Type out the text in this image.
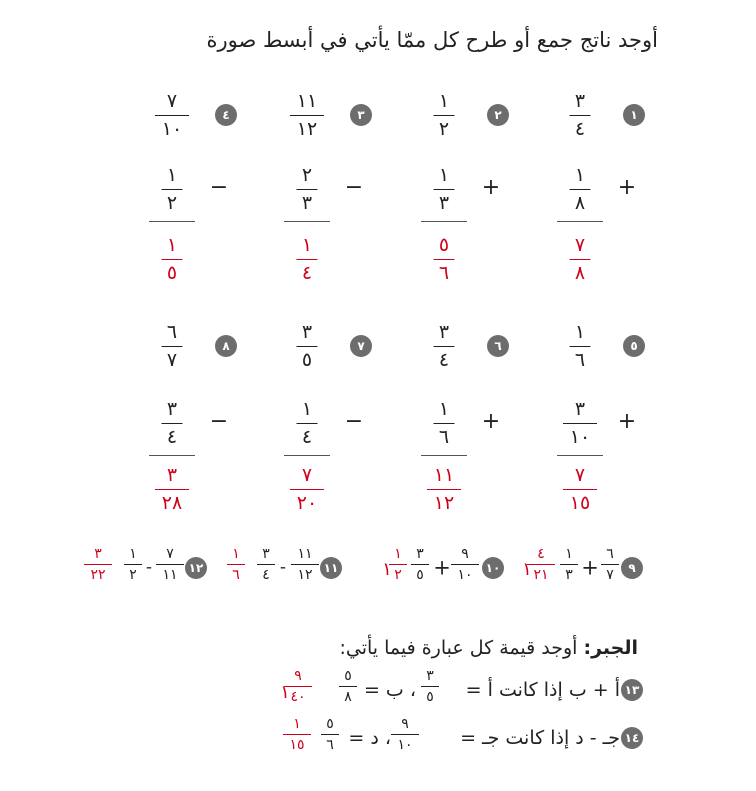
أوجد ناتج جمع أو طرح كل ممّا يأتي في أبسط صورة
١
٣
٤
+
١
٨
٧
٨
٢
١
٢
+
١
٣
٥
٦
٣
١١
١٢
−
٢
٣
١
٤
٤
٧
١٠
−
١
٢
١
٥
٥
١
٦
+
٣
١٠
٧
١٥
٦
٣
٤
+
١
٦
١١
١٢
٧
٣
٥
−
١
٤
٧
٢٠
٨
٦
٧
−
٣
٤
٣
٢٨
٩
٦
٧
+
١
٣
١
٤
٢١
١٠
٩
١٠
+
٣
٥
١
١
٢
١١
١١
١٢
-
٣
٤
١
٦
١٢
٧
١١
-
١
٢
٣
٢٢
الجبر: أوجد قيمة كل عبارة فيما يأتي:
١٣
أ + ب إذا كانت أ =
٣
٥
، ب =
٥
٨
١
٩
٤٠
١٤
جـ - د إذا كانت جـ =
٩
١٠
، د =
٥
٦
١
١٥
